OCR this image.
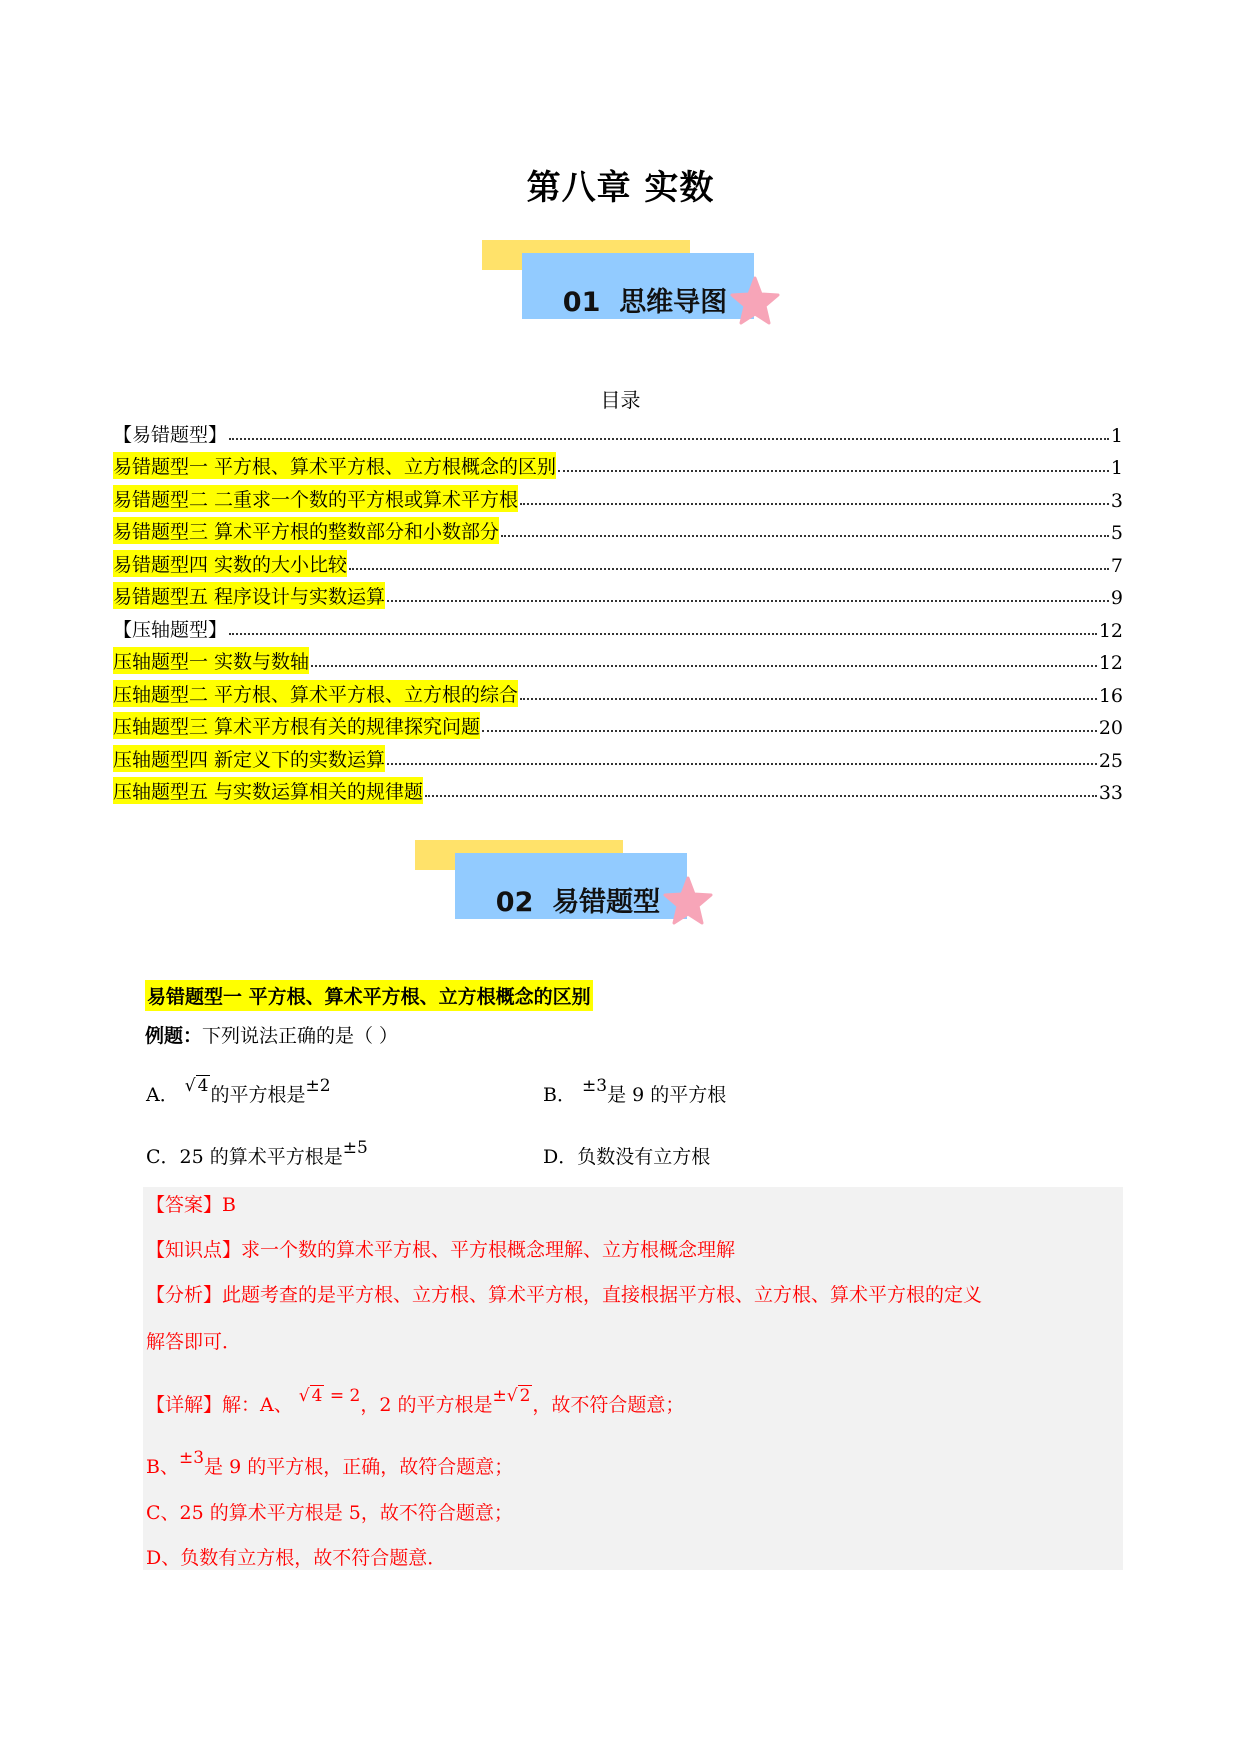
第八章 实数
01 思维导图
目录
【易错题型】	1
易错题型一 平方根、算术平方根、立方根概念的区别	1
易错题型二 二重求一个数的平方根或算术平方根	3
易错题型三 算术平方根的整数部分和小数部分	5
易错题型四 实数的大小比较	7
易错题型五 程序设计与实数运算	9
【压轴题型】	12
压轴题型一 实数与数轴	12
压轴题型二 平方根、算术平方根、立方根的综合	16
压轴题型三 算术平方根有关的规律探究问题	20
压轴题型四 新定义下的实数运算	25
压轴题型五 与实数运算相关的规律题	33
02 易错题型
易错题型一 平方根、算术平方根、立方根概念的区别
例题：下列说法正确的是（ ）
A． √ 4 的平方根是±2	B． ±3是 9 的平方根
C．25 的算术平方根是±5	D．负数没有立方根
【答案】B
【知识点】求一个数的算术平方根、平方根概念理解、立方根概念理解
【分析】此题考查的是平方根、立方根、算术平方根，直接根据平方根、立方根、算术平方根的定义
解答即可．
【详解】解：A、 √ 4 = 2，2 的平方根是±√ 2 ，故不符合题意；
B、±3是 9 的平方根，正确，故符合题意；
C、25 的算术平方根是 5，故不符合题意；
D、负数有立方根，故不符合题意．
